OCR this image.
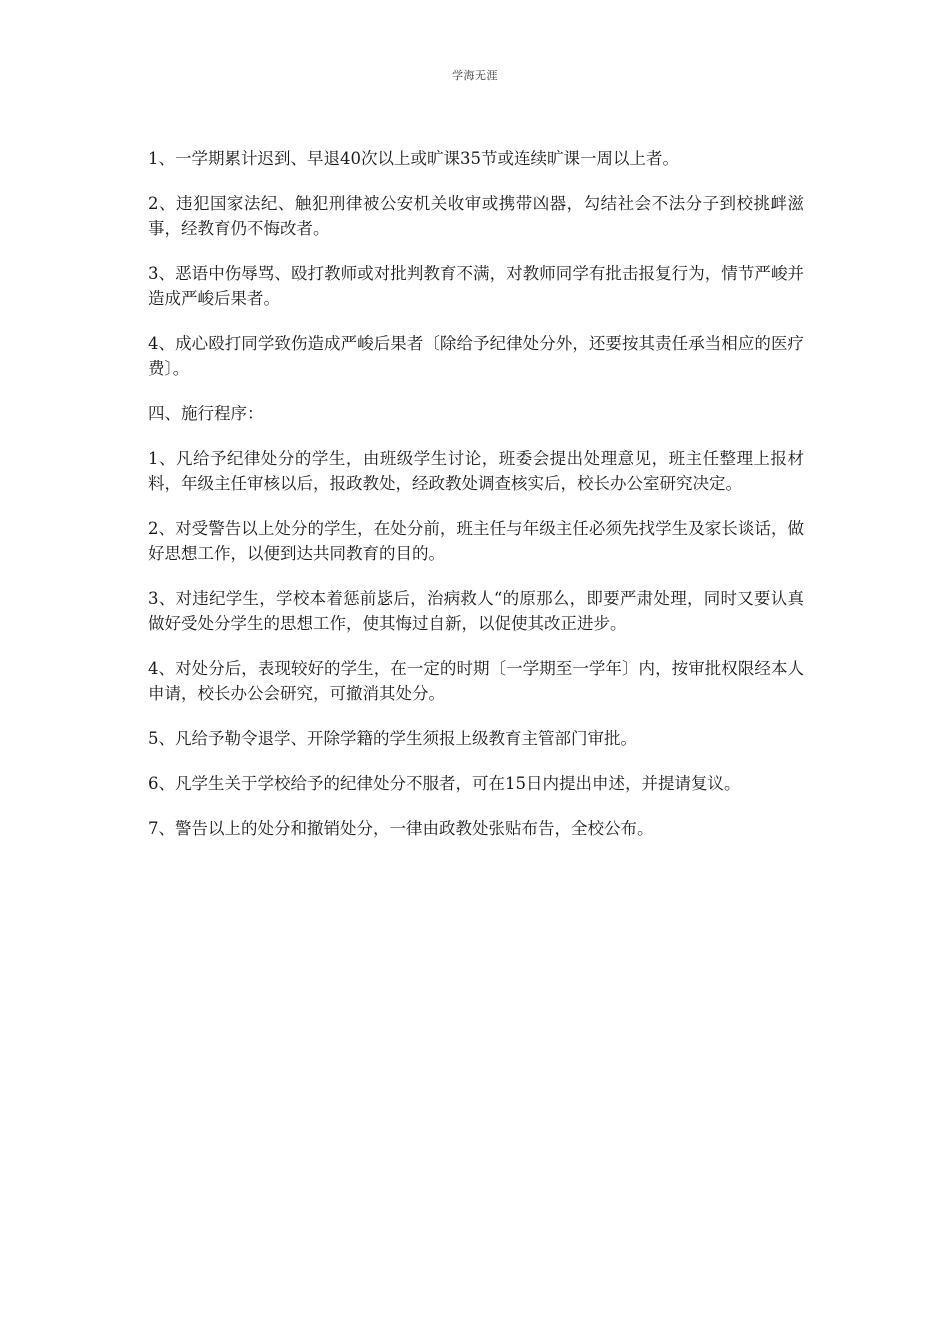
学海无涯

1、一学期累计迟到、早退40次以上或旷课35节或连续旷课一周以上者。

2、违犯国家法纪、触犯刑律被公安机关收审或携带凶器，勾结社会不法分子到校挑衅滋事，经教育仍不悔改者。

3、恶语中伤辱骂、殴打教师或对批判教育不满，对教师同学有批击报复行为，情节严峻并造成严峻后果者。

4、成心殴打同学致伤造成严峻后果者〔除给予纪律处分外，还要按其责任承当相应的医疗费〕。

四、施行程序：

1、凡给予纪律处分的学生，由班级学生讨论，班委会提出处理意见，班主任整理上报材料，年级主任审核以后，报政教处，经政教处调查核实后，校长办公室研究决定。

2、对受警告以上处分的学生，在处分前，班主任与年级主任必须先找学生及家长谈话，做好思想工作，以便到达共同教育的目的。

3、对违纪学生，学校本着惩前毖后，治病救人“的原那么，即要严肃处理，同时又要认真做好受处分学生的思想工作，使其悔过自新，以促使其改正进步。

4、对处分后，表现较好的学生，在一定的时期〔一学期至一学年〕内，按审批权限经本人申请，校长办公会研究，可撤消其处分。

5、凡给予勒令退学、开除学籍的学生须报上级教育主管部门审批。

6、凡学生关于学校给予的纪律处分不服者，可在15日内提出申述，并提请复议。

7、警告以上的处分和撤销处分，一律由政教处张贴布告，全校公布。
